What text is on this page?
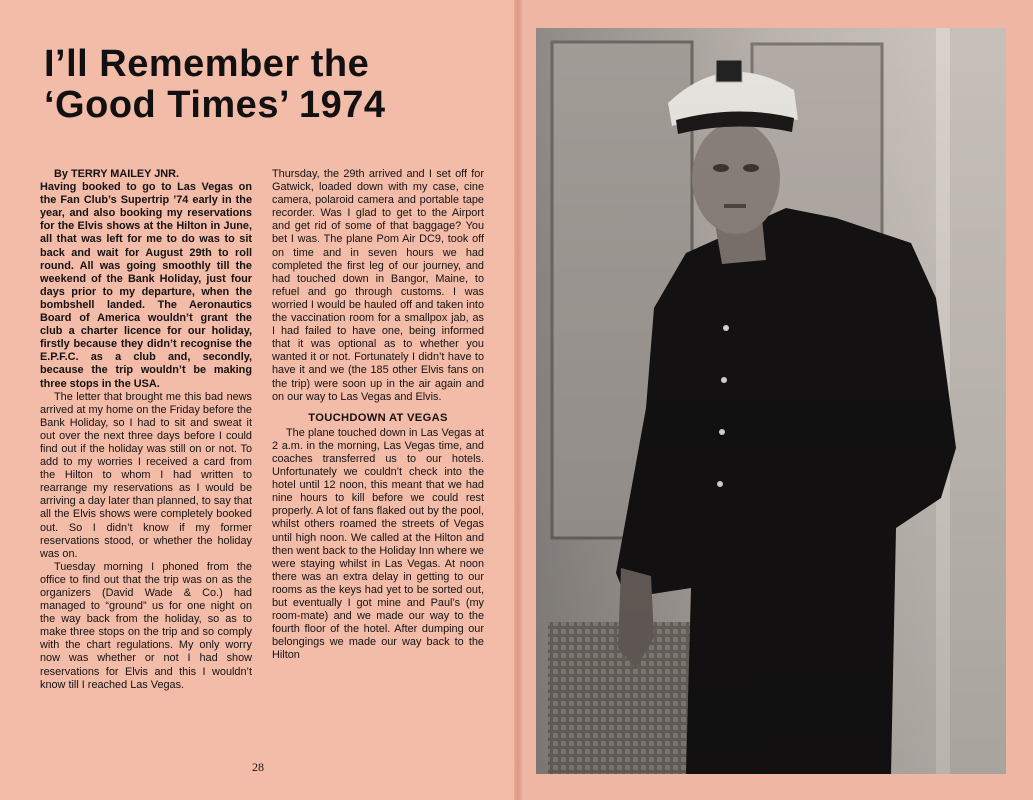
I’ll Remember the
‘Good Times’ 1974

By TERRY MAILEY JNR.
Having booked to go to Las Vegas on the Fan Club’s Supertrip ’74 early in the year, and also booking my reservations for the Elvis shows at the Hilton in June, all that was left for me to do was to sit back and wait for August 29th to roll round. All was going smoothly till the weekend of the Bank Holiday, just four days prior to my departure, when the bombshell landed. The Aeronautics Board of America wouldn’t grant the club a charter licence for our holiday, firstly because they didn’t recognise the E.P.F.C. as a club and, secondly, because the trip wouldn’t be making three stops in the USA.

The letter that brought me this bad news arrived at my home on the Friday before the Bank Holiday, so I had to sit and sweat it out over the next three days before I could find out if the holiday was still on or not. To add to my worries I received a card from the Hilton to whom I had written to rearrange my reservations as I would be arriving a day later than planned, to say that all the Elvis shows were completely booked out. So I didn’t know if my former reservations stood, or whether the holiday was on.

Tuesday morning I phoned from the office to find out that the trip was on as the organizers (David Wade & Co.) had managed to “ground” us for one night on the way back from the holiday, so as to make three stops on the trip and so comply with the chart regulations. My only worry now was whether or not I had show reservations for Elvis and this I wouldn’t know till I reached Las Vegas.

Thursday, the 29th arrived and I set off for Gatwick, loaded down with my case, cine camera, polaroid camera and portable tape recorder. Was I glad to get to the Airport and get rid of some of that baggage? You bet I was. The plane Pom Air DC9, took off on time and in seven hours we had completed the first leg of our journey, and had touched down in Bangor, Maine, to refuel and go through customs. I was worried I would be hauled off and taken into the vaccination room for a smallpox jab, as I had failed to have one, being informed that it was optional as to whether you wanted it or not. Fortunately I didn’t have to have it and we (the 185 other Elvis fans on the trip) were soon up in the air again and on our way to Las Vegas and Elvis.

TOUCHDOWN AT VEGAS

The plane touched down in Las Vegas at 2 a.m. in the morning, Las Vegas time, and coaches transferred us to our hotels. Unfortunately we couldn’t check into the hotel until 12 noon, this meant that we had nine hours to kill before we could rest properly. A lot of fans flaked out by the pool, whilst others roamed the streets of Vegas until high noon. We called at the Hilton and then went back to the Holiday Inn where we were staying whilst in Las Vegas. At noon there was an extra delay in getting to our rooms as the keys had yet to be sorted out, but eventually I got mine and Paul’s (my room-mate) and we made our way to the fourth floor of the hotel. After dumping our belongings we made our way back to the Hilton

28
